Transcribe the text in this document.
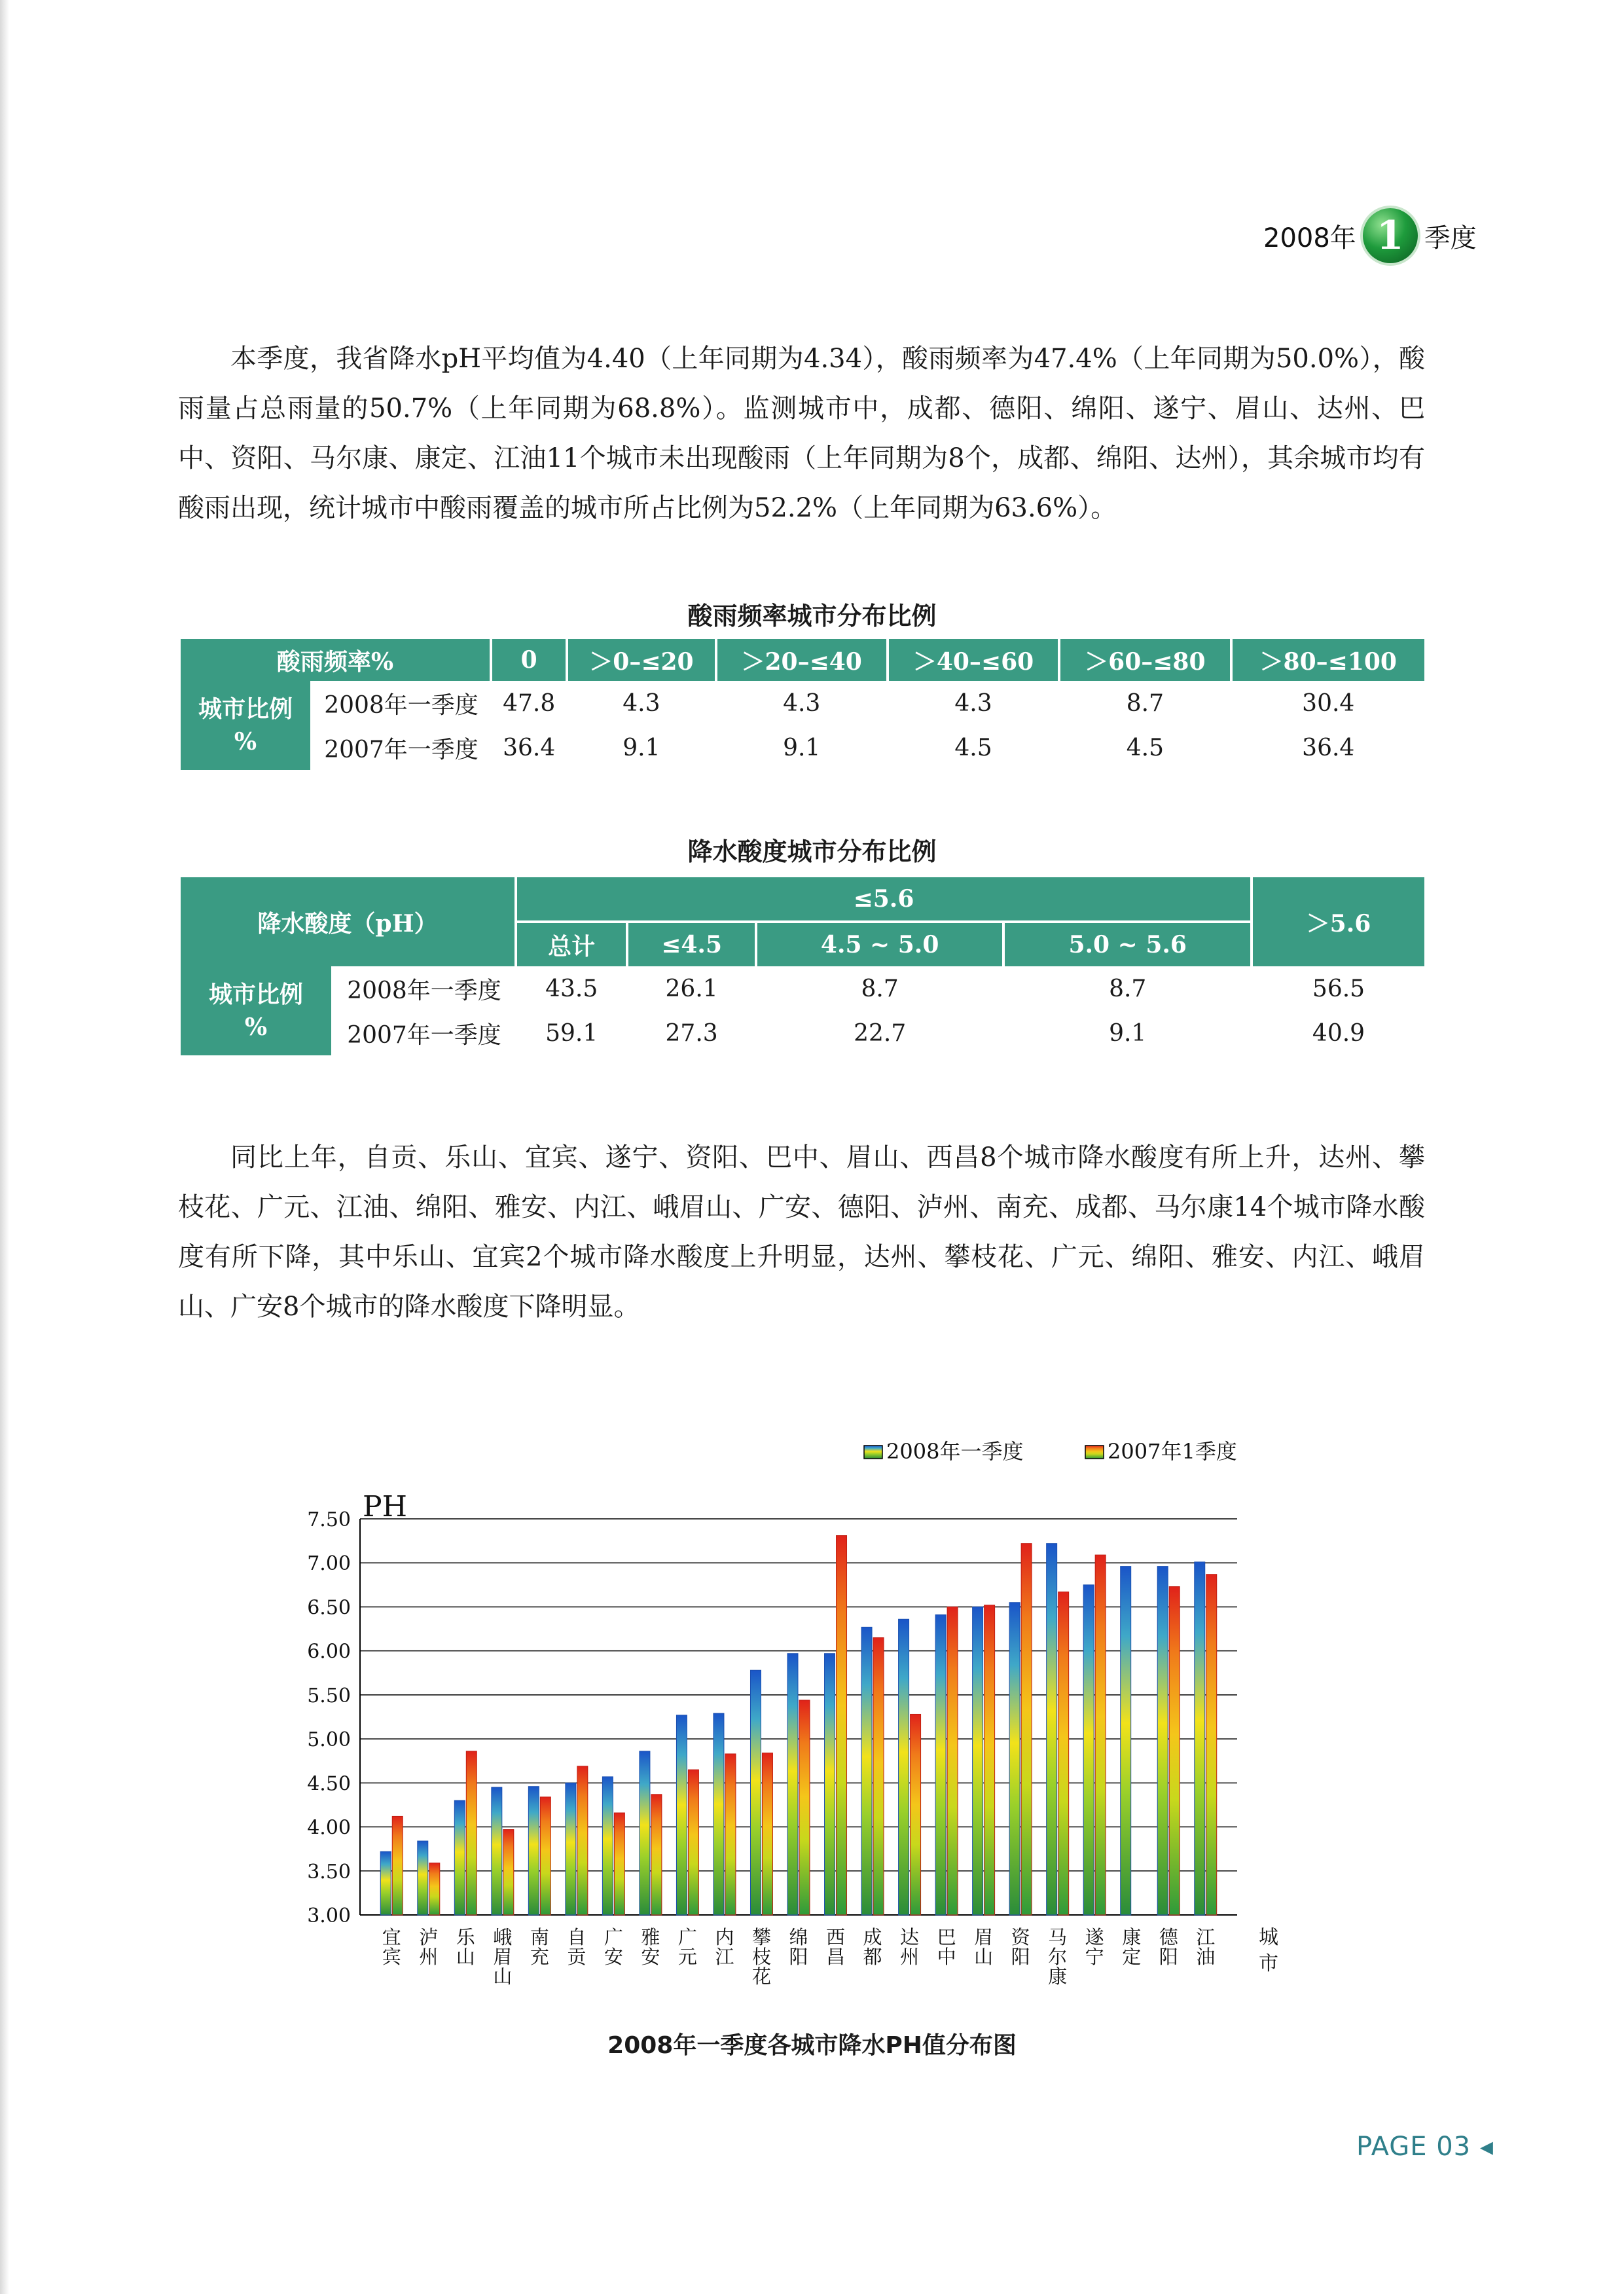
2008年 1 季度

本季度，我省降水pH平均值为4.40（上年同期为4.34），酸雨频率为47.4%（上年同期为50.0%），酸雨量占总雨量的50.7%（上年同期为68.8%）。监测城市中，成都、德阳、绵阳、遂宁、眉山、达州、巴中、资阳、马尔康、康定、江油11个城市未出现酸雨（上年同期为8个，成都、绵阳、达州），其余城市均有酸雨出现，统计城市中酸雨覆盖的城市所占比例为52.2%（上年同期为63.6%）。

酸雨频率城市分布比例
酸雨频率%		0	＞0–≤20	＞20–≤40	＞40–≤60	＞60–≤80	＞80–≤100

城市比例
%	2008年一季度	47.8	4.3	4.3	4.3	8.7	30.4
	2007年一季度	36.4	9.1	9.1	4.5	4.5	36.4
降水酸度城市分布比例
降水酸度（pH）		≤5.6				＞5.6
		总计	≤4.5	4.5 ~ 5.0	5.0 ~ 5.6	

城市比例
%	2008年一季度	43.5	26.1	8.7	8.7	56.5
	2007年一季度	59.1	27.3	22.7	9.1	40.9

同比上年，自贡、乐山、宜宾、遂宁、资阳、巴中、眉山、西昌8个城市降水酸度有所上升，达州、攀枝花、广元、江油、绵阳、雅安、内江、峨眉山、广安、德阳、泸州、南充、成都、马尔康14个城市降水酸度有所下降，其中乐山、宜宾2个城市降水酸度上升明显，达州、攀枝花、广元、绵阳、雅安、内江、峨眉山、广安8个城市的降水酸度下降明显。

3.00
3.50
4.00
4.50
5.00
5.50
6.00
6.50
7.00
7.50 PH
宜宾
泸州
乐山
峨眉山
南充
自贡
广安
雅安
广元
内江
攀枝花
绵阳
西昌
成都
达州
巴中
眉山
资阳
马尔康
遂宁
康定
德阳
江油
城市
2008年一季度	2007年1季度
2008年一季度各城市降水PH值分布图
PAGE 03 ◂
